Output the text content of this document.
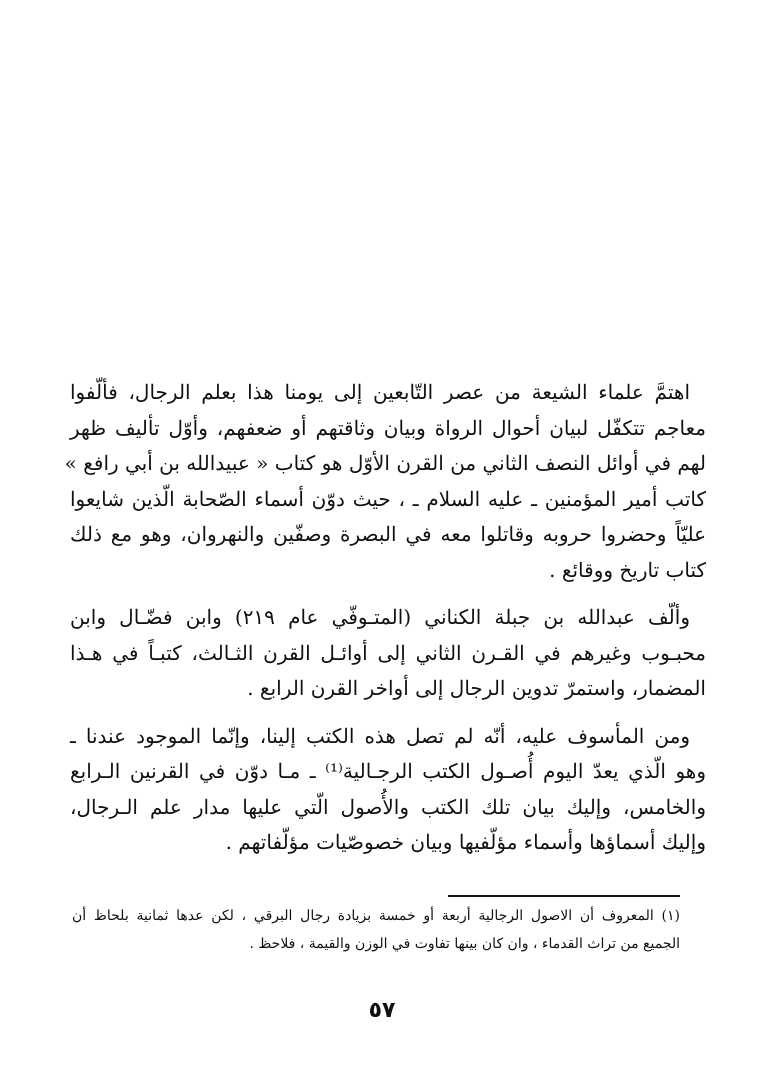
اهتمَّ علماء الشيعة من عصر التّابعين إلى يومنا هذا بعلم الرجال، فألّفوا
معاجم تتكفّل لبيان أحوال الرواة وبيان وثاقتهم أو ضعفهم، وأوّل تأليف ظهر
لهم في أوائل النصف الثاني من القرن الأوّل هو كتاب « عبيدالله بن أبي رافع »
كاتب أمير المؤمنين ـ عليه السلام ـ ، حيث دوّن أسماء الصّحابة الّذين شايعوا
عليّاً وحضروا حروبه وقاتلوا معه في البصرة وصفّين والنهروان، وهو مع ذلك
كتاب تاريخ ووقائع .
وألّف عبدالله بن جبلة الكناني (المتـوفّي عام ٢١٩) وابن فضّـال وابن
محبـوب وغيرهم في القـرن الثاني إلى أوائـل القرن الثـالث، كتبـاً في هـذا
المضمار، واستمرّ تدوين الرجال إلى أواخر القرن الرابع .
ومن المأسوف عليه، أنّه لم تصل هذه الكتب إلينا، وإنّما الموجود عندنا ـ
وهو الّذي يعدّ اليوم أُصـول الكتب الرجـالية⁽¹⁾ ـ مـا دوّن في القرنين الـرابع
والخامس، وإليك بيان تلك الكتب والأُصول الّتي عليها مدار علم الـرجال،
وإليك أسماؤها وأسماء مؤلّفيها وبيان خصوصّيات مؤلّفاتهم .
(١) المعروف أن الاصول الرجالية أربعة أو خمسة بزيادة رجال البرقي ، لكن عدها ثمانية بلحاظ أن
الجميع من تراث القدماء ، وان كان بينها تفاوت في الوزن والقيمة ، فلاحظ .
٥٧
